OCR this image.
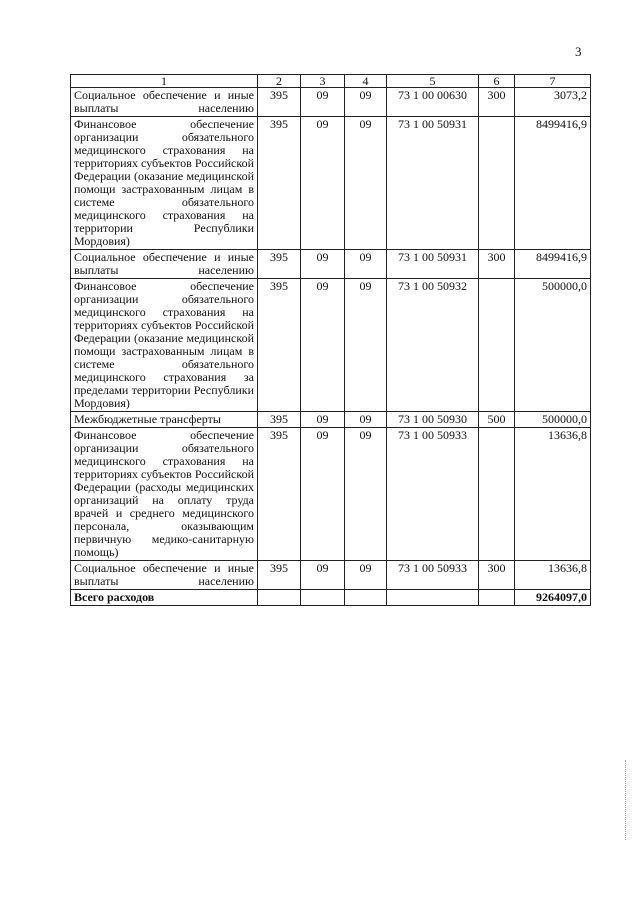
3
1	2	3	4	5	6	7
Социальное обеспечение и иные выплаты населению	395	09	09	73 1 00 00630	300	3073,2
Финансовое обеспечение организации обязательного медицинского страхования на территориях субъектов Российской Федерации (оказание медицинской помощи застрахованным лицам в системе обязательного медицинского страхования на территории Республики Мордовия)	395	09	09	73 1 00 50931		8499416,9
Социальное обеспечение и иные выплаты населению	395	09	09	73 1 00 50931	300	8499416,9
Финансовое обеспечение организации обязательного медицинского страхования на территориях субъектов Российской Федерации (оказание медицинской помощи застрахованным лицам в системе обязательного медицинского страхования за пределами территории Республики Мордовия)	395	09	09	73 1 00 50932		500000,0
Межбюджетные трансферты	395	09	09	73 1 00 50930	500	500000,0
Финансовое обеспечение организации обязательного медицинского страхования на территориях субъектов Российской Федерации (расходы медицинских организаций на оплату труда врачей и среднего медицинского персонала, оказывающим первичную медико-санитарную помощь)	395	09	09	73 1 00 50933		13636,8
Социальное обеспечение и иные выплаты населению	395	09	09	73 1 00 50933	300	13636,8
Всего расходов						9264097,0
